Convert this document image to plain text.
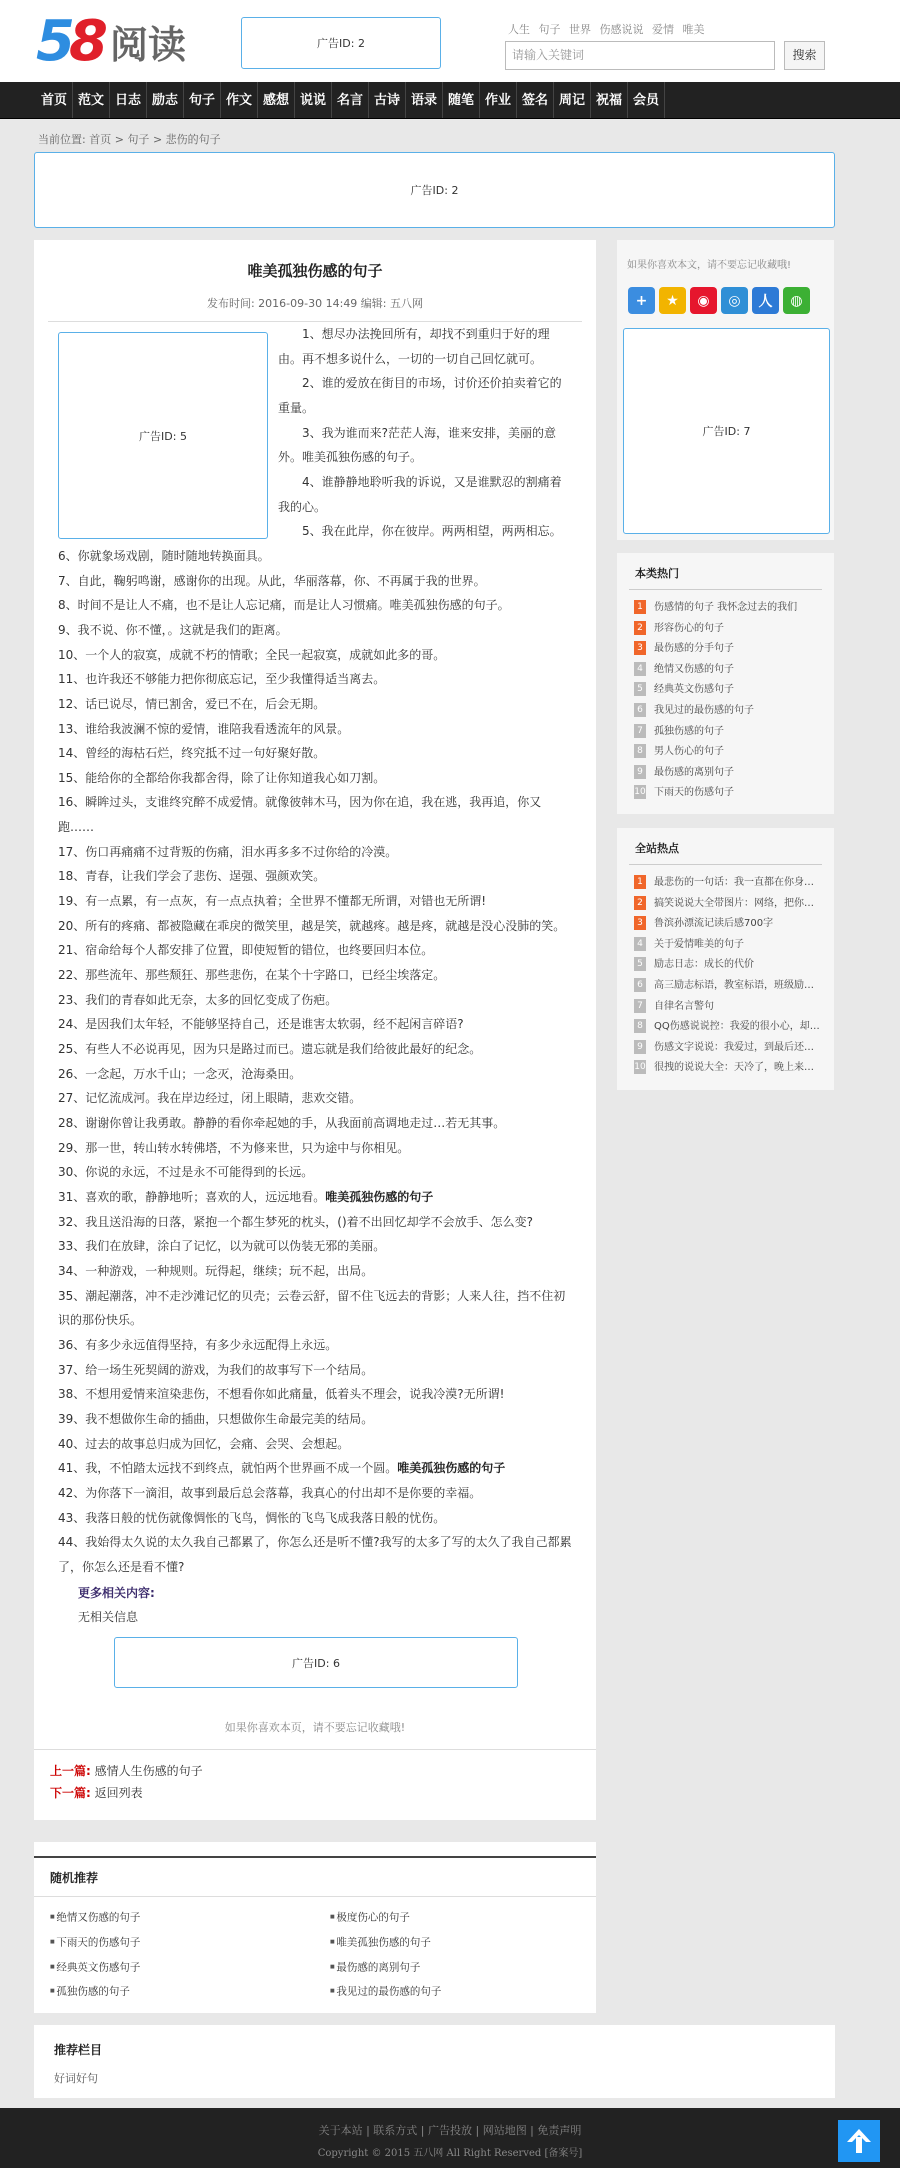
5 8 阅读	广告ID: 2
人生 句子 世界 伤感说说 爱情 唯美
请输入关键词	搜索
首页 范文 日志 励志 句子 作文 感想 说说 名言 古诗 语录 随笔 作业 签名 周记 祝福 会员
当前位置: 首页 > 句子 > 悲伤的句子
广告ID: 2
唯美孤独伤感的句子
发布时间: 2016-09-30 14:49 编辑: 五八网
广告ID: 5

1、想尽办法挽回所有，却找不到重归于好的理由。再不想多说什么，一切的一切自己回忆就可。

2、谁的爱放在街目的市场，讨价还价拍卖着它的重量。

3、我为谁而来?茫茫人海，谁来安排，美丽的意外。唯美孤独伤感的句子。

4、谁静静地聆听我的诉说，又是谁默忍的割痛着我的心。

5、我在此岸，你在彼岸。两两相望，两两相忘。

6、你就象场戏剧，随时随地转换面具。

7、自此，鞠躬鸣谢，感谢你的出现。从此，华丽落幕，你、不再属于我的世界。

8、时间不是让人不痛，也不是让人忘记痛，而是让人习惯痛。唯美孤独伤感的句子。

9、我不说、你不懂，。这就是我们的距离。

10、一个人的寂寞，成就不朽的情歌；全民一起寂寞，成就如此多的哥。

11、也许我还不够能力把你彻底忘记，至少我懂得适当离去。

12、话已说尽，情已割舍，爱已不在，后会无期。

13、谁给我波澜不惊的爱情，谁陪我看透流年的风景。

14、曾经的海枯石烂，终究抵不过一句好聚好散。

15、能给你的全都给你我都舍得，除了让你知道我心如刀割。

16、瞬眸过头，支谁终究醉不成爱情。就像彼韩木马，因为你在追，我在逃，我再追，你又跑……

17、伤口再痛痛不过背叛的伤痛，泪水再多多不过你给的冷漠。

18、青春，让我们学会了悲伤、逞强、强颜欢笑。

19、有一点累，有一点灰，有一点点执着；全世界不懂都无所谓，对错也无所谓!

20、所有的疼痛、都被隐藏在乖戾的微笑里，越是笑，就越疼。越是疼，就越是没心没肺的笑。

21、宿命给每个人都安排了位置，即使短暂的错位，也终要回归本位。

22、那些流年、那些颓狂、那些悲伤，在某个十字路口，已经尘埃落定。

23、我们的青春如此无奈，太多的回忆变成了伤疤。

24、是因我们太年轻，不能够坚持自己，还是谁害太软弱，经不起闲言碎语?

25、有些人不必说再见，因为只是路过而已。遗忘就是我们给彼此最好的纪念。

26、一念起，万水千山；一念灭，沧海桑田。

27、记忆流成河。我在岸边经过，闭上眼睛，悲欢交错。

28、谢谢你曾让我勇敢。静静的看你牵起她的手，从我面前高调地走过…若无其事。

29、那一世，转山转水转佛塔，不为修来世，只为途中与你相见。

30、你说的永远，不过是永不可能得到的长远。

31、喜欢的歌，静静地听；喜欢的人，远远地看。唯美孤独伤感的句子

32、我且送沿海的日落，紧抱一个都生梦死的枕头，()着不出回忆却学不会放手、怎么变?

33、我们在放肆，涂白了记忆，以为就可以伪装无邪的美丽。

34、一种游戏，一种规则。玩得起，继续；玩不起，出局。

35、潮起潮落，冲不走沙滩记忆的贝壳；云卷云舒，留不住飞远去的背影；人来人往，挡不住初识的那份快乐。

36、有多少永远值得坚持，有多少永远配得上永远。

37、给一场生死契阔的游戏，为我们的故事写下一个结局。

38、不想用爱情来渲染悲伤，不想看你如此痛量，低着头不理会，说我冷漠?无所谓!

39、我不想做你生命的插曲，只想做你生命最完美的结局。

40、过去的故事总归成为回忆，会痛、会哭、会想起。

41、我，不怕踏太远找不到终点，就怕两个世界画不成一个圆。唯美孤独伤感的句子

42、为你落下一滴泪，故事到最后总会落幕，我真心的付出却不是你要的幸福。

43、我落日般的忧伤就像惆怅的飞鸟，惆怅的飞鸟飞成我落日般的忧伤。

44、我始得太久说的太久我自己都累了，你怎么还是听不懂?我写的太多了写的太久了我自己都累了，你怎么还是看不懂?

更多相关内容:
无相关信息
广告ID: 6
如果你喜欢本页，请不要忘记收藏哦!
上一篇: 感情人生伤感的句子
下一篇: 返回列表
随机推荐
■ 绝情又伤感的句子	■ 极度伤心的句子
■ 下雨天的伤感句子	■ 唯美孤独伤感的句子
■ 经典英文伤感句子	■ 最伤感的离别句子
■ 孤独伤感的句子	■ 我见过的最伤感的句子
如果你喜欢本文，请不要忘记收藏哦!
+	★	◉	◎	人	◍
广告ID: 7
本类热门
1 伤感情的句子 我怀念过去的我们
2 形容伤心的句子
3 最伤感的分手句子
4 绝情又伤感的句子
5 经典英文伤感句子
6 我见过的最伤感的句子
7 孤独伤感的句子
8 男人伤心的句子
9 最伤感的离别句子
10 下雨天的伤感句子
全站热点
1 最悲伤的一句话：我一直都在你身…
2 搞笑说说大全带图片：网络，把你…
3 鲁滨孙漂流记读后感700字
4 关于爱情唯美的句子
5 励志日志：成长的代价
6 高三励志标语，教室标语，班级励…
7 自律名言警句
8 QQ伤感说说控：我爱的很小心，却…
9 伤感文字说说：我爱过，到最后还…
10 很拽的说说大全：天冷了，晚上来…
推荐栏目
好词好句
关于本站 | 联系方式 | 广告投放 | 网站地图 | 免责声明
Copyright © 2015 五八网 All Right Reserved [备案号]
